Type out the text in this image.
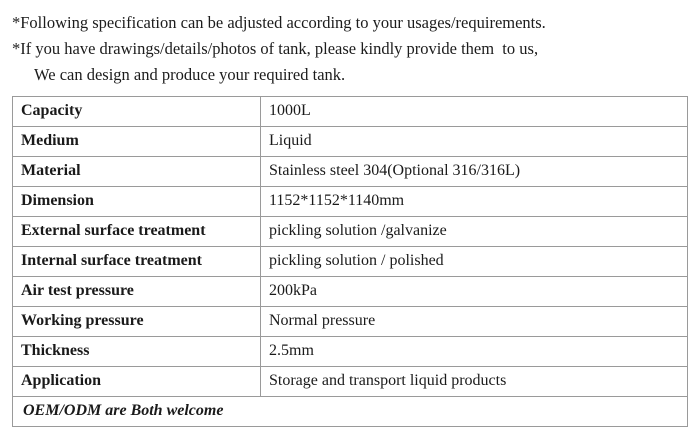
*Following specification can be adjusted according to your usages/requirements.
*If you have drawings/details/photos of tank, please kindly provide them  to us,
We can design and produce your required tank.
Capacity	1000L
Medium	Liquid
Material	Stainless steel 304(Optional 316/316L)
Dimension	1152*1152*1140mm
External surface treatment	pickling solution /galvanize
Internal surface treatment	pickling solution / polished
Air test pressure	200kPa
Working pressure	Normal pressure
Thickness	2.5mm
Application	Storage and transport liquid products
OEM/ODM are Both welcome	
